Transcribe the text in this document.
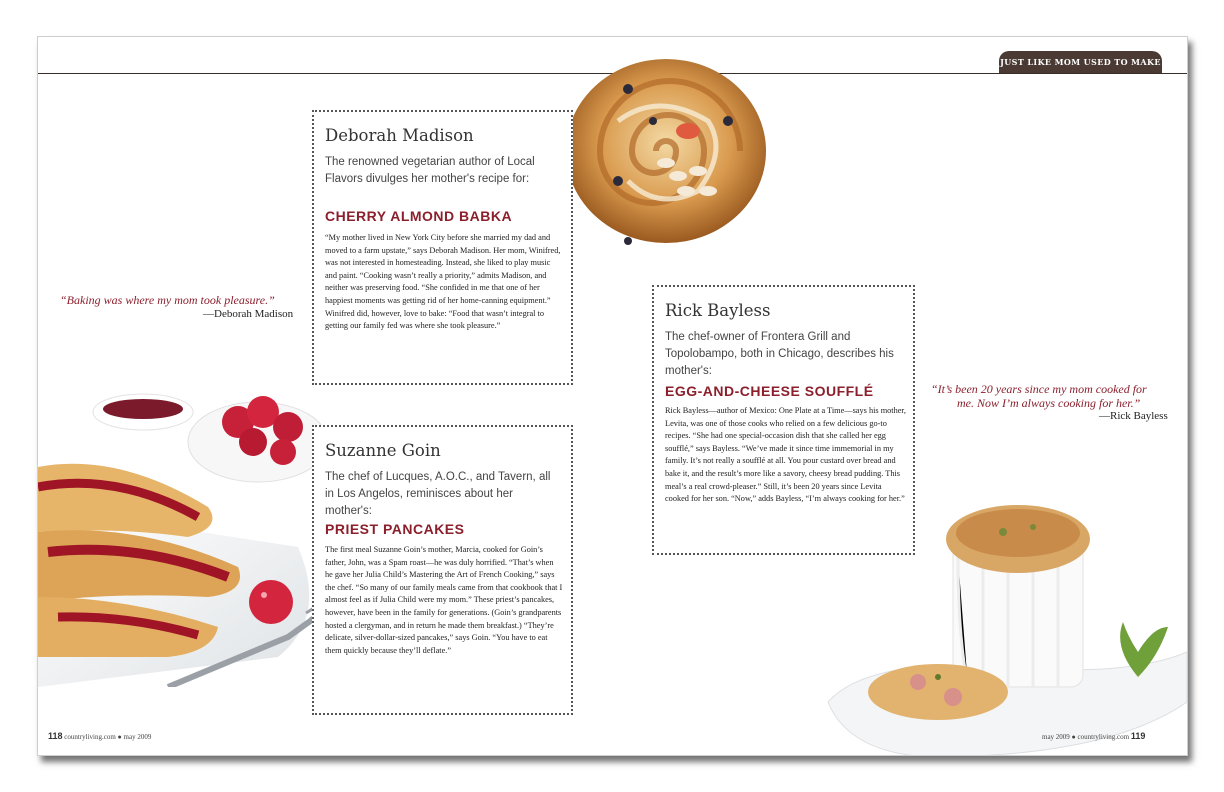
JUST LIKE MOM USED TO MAKE
Deborah Madison
The renowned vegetarian author of Local Flavors divulges her mother's recipe for:
CHERRY ALMOND BABKA
“My mother lived in New York City before she married my dad and moved to a farm upstate,” says Deborah Madison. Her mom, Winifred, was not interested in homesteading. Instead, she liked to play music and paint. “Cooking wasn’t really a priority,” admits Madison, and neither was preserving food. “She confided in me that one of her happiest moments was getting rid of her home-canning equipment.” Winifred did, however, love to bake: “Food that wasn’t integral to getting our family fed was where she took pleasure.”
Suzanne Goin
The chef of Lucques, A.O.C., and Tavern, all in Los Angelos, reminisces about her mother's:
PRIEST PANCAKES
The first meal Suzanne Goin’s mother, Marcia, cooked for Goin’s father, John, was a Spam roast—he was duly horrified. “That’s when he gave her Julia Child’s Mastering the Art of French Cooking,” says the chef. “So many of our family meals came from that cookbook that I almost feel as if Julia Child were my mom.” These priest’s pancakes, however, have been in the family for generations. (Goin’s grandparents hosted a clergyman, and in return he made them breakfast.) “They’re delicate, silver-dollar-sized pancakes,” says Goin. “You have to eat them quickly because they’ll deflate.”
Rick Bayless
The chef-owner of Frontera Grill and Topolobampo, both in Chicago, describes his mother's:
EGG-AND-CHEESE SOUFFLÉ
Rick Bayless—author of Mexico: One Plate at a Time—says his mother, Levita, was one of those cooks who relied on a few delicious go-to recipes. “She had one special-occasion dish that she called her egg soufflé,” says Bayless. “We’ve made it since time immemorial in my family. It’s not really a soufflé at all. You pour custard over bread and bake it, and the result’s more like a savory, cheesy bread pudding. This meal’s a real crowd-pleaser.” Still, it’s been 20 years since Levita cooked for her son. “Now,” adds Bayless, “I’m always cooking for her.”
“Baking was where my mom took pleasure.”
—Deborah Madison
“It’s been 20 years since my mom cooked for
me. Now I’m always cooking for her.”
—Rick Bayless
118 countryliving.com ● may 2009	may 2009 ● countryliving.com 119
